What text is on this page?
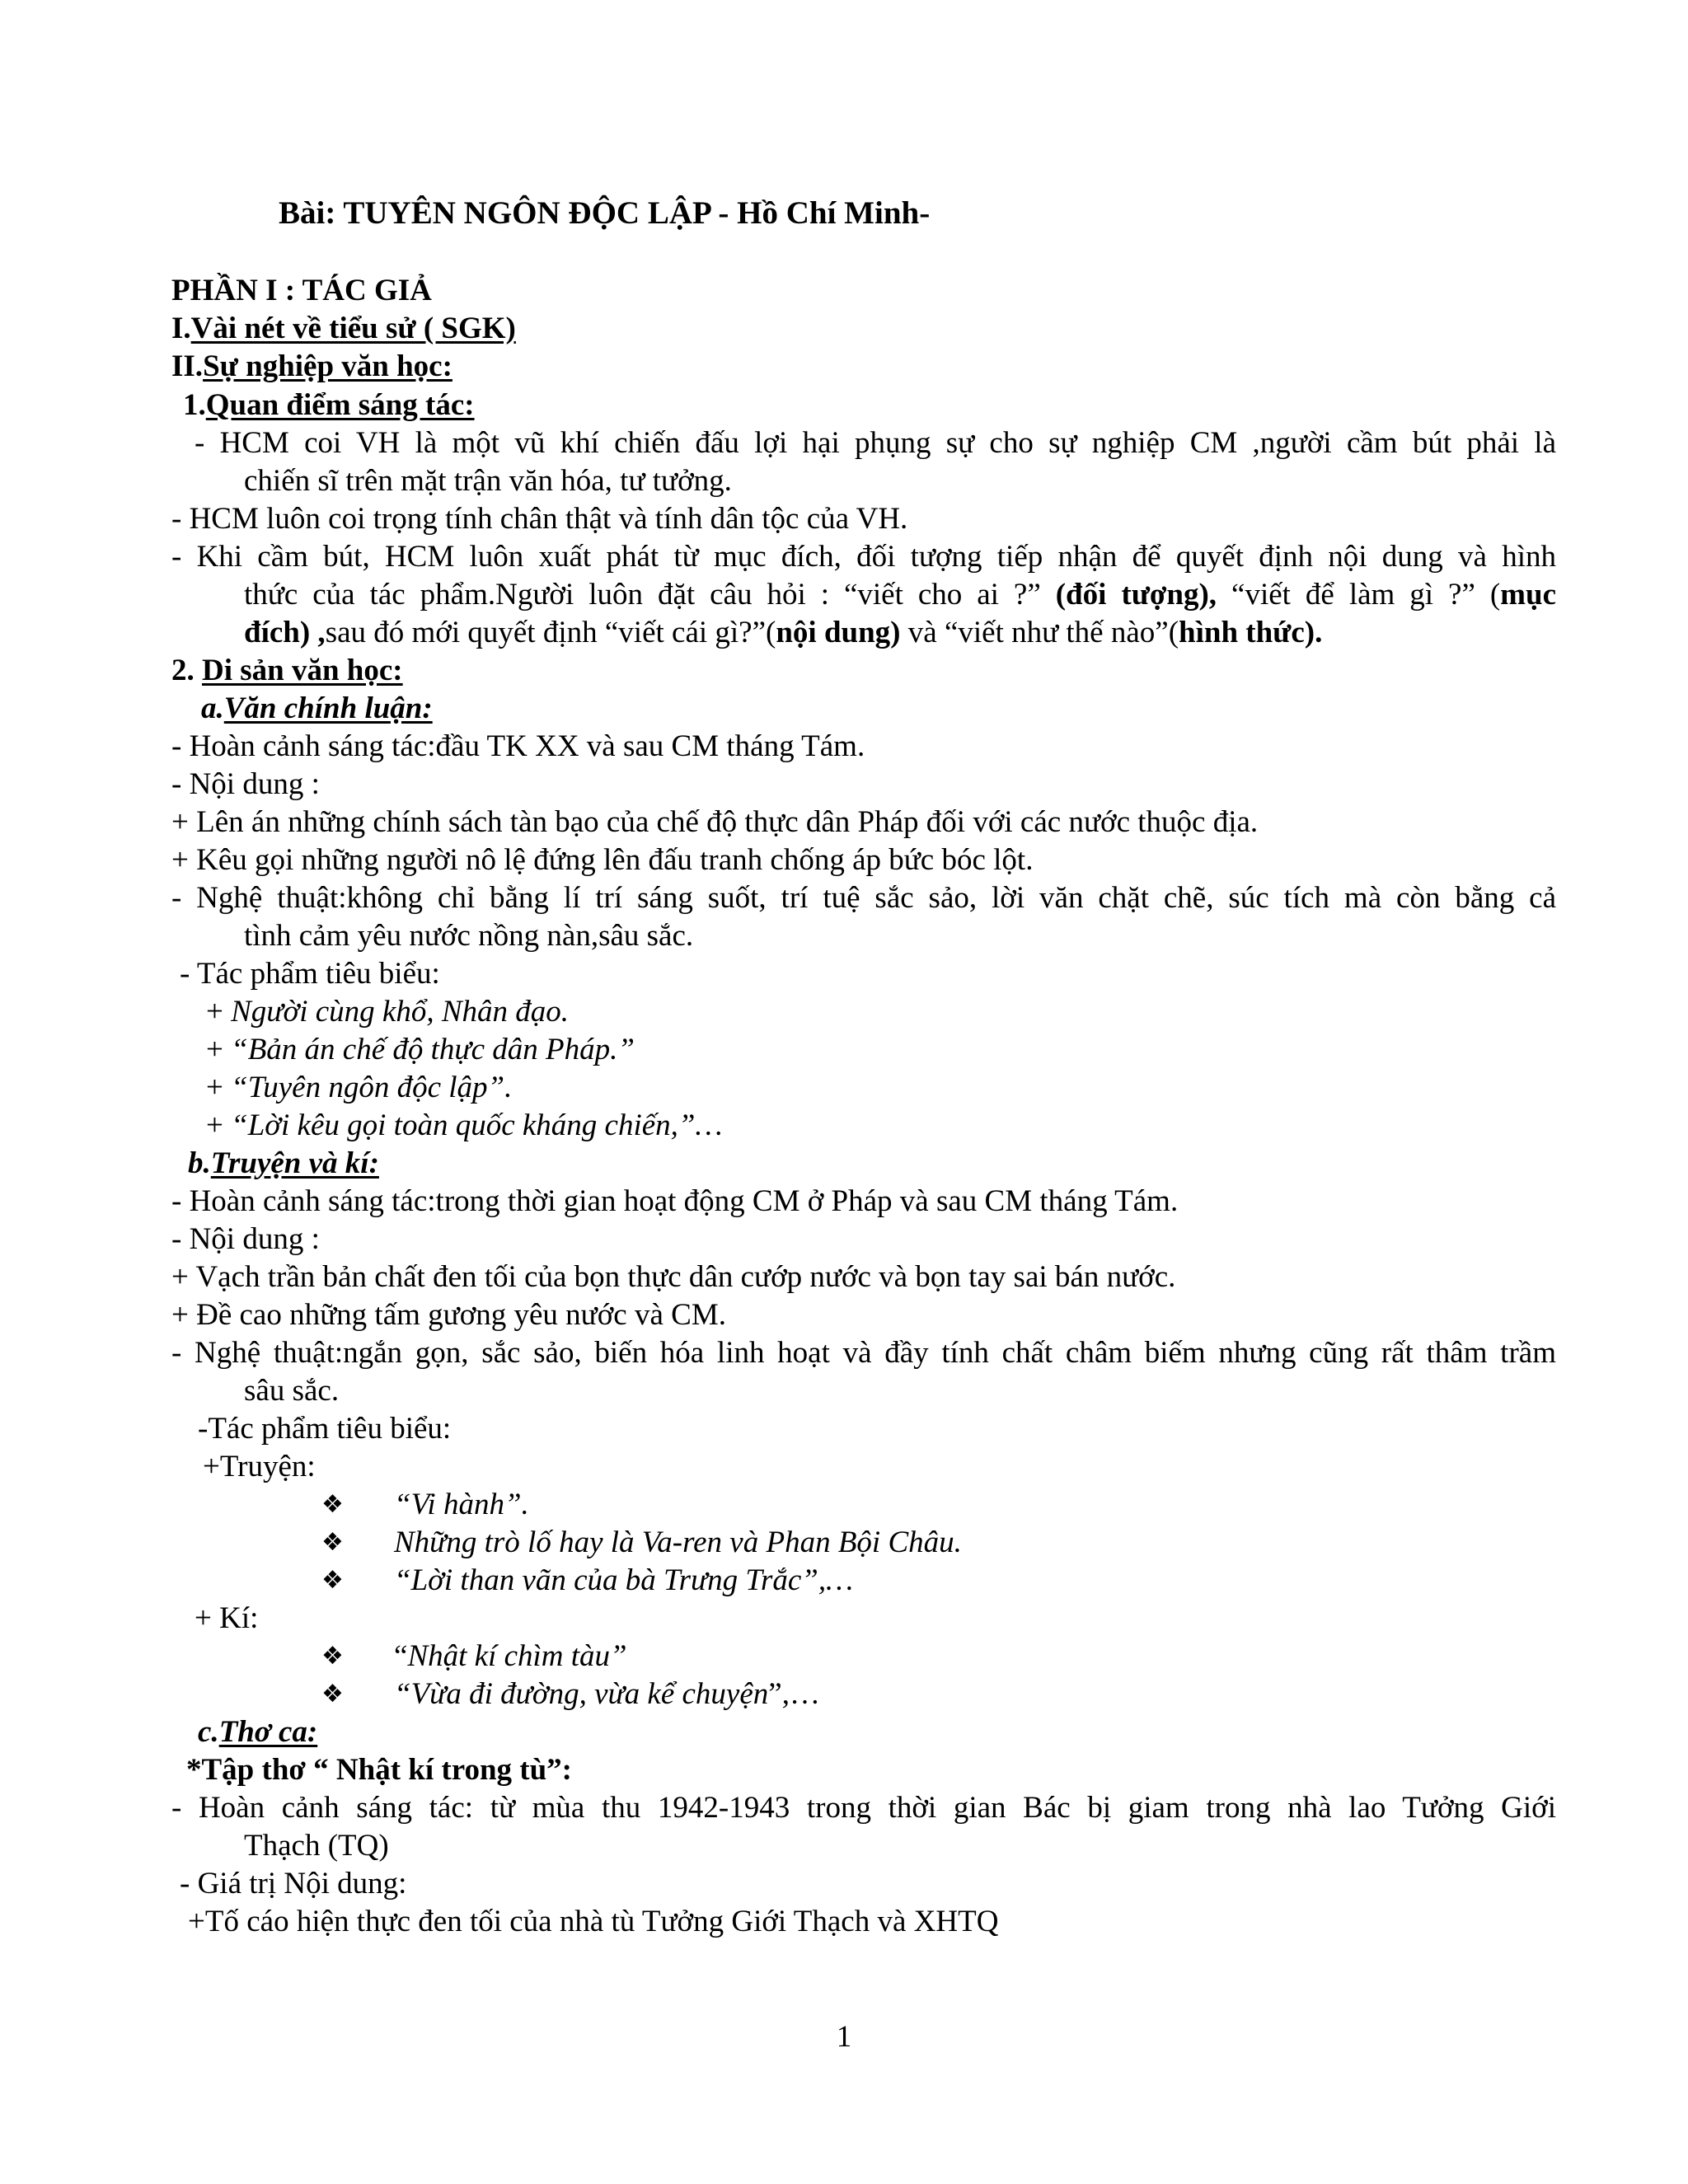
Bài: TUYÊN NGÔN ĐỘC LẬP - Hồ Chí Minh-
PHẦN I : TÁC GIẢ
I.Vài nét về tiểu sử ( SGK)
II.Sự nghiệp văn học:
1.Quan điểm sáng tác:
- HCM coi VH là một vũ khí chiến đấu lợi hại phụng sự cho sự nghiệp CM ,người cầm bút phải là
chiến sĩ trên mặt trận văn hóa, tư tưởng.
- HCM luôn coi trọng tính chân thật và tính dân tộc của VH.
- Khi cầm bút, HCM luôn xuất phát từ mục đích, đối tượng tiếp nhận để quyết định nội dung và hình
thức của tác phẩm.Người luôn đặt câu hỏi : “viết cho ai ?” (đối tượng), “viết để làm gì ?” (mục
đích) ,sau đó mới quyết định “viết cái gì?”(nội dung) và “viết như thế nào”(hình thức).
2. Di sản văn học:
a.Văn chính luận:
- Hoàn cảnh sáng tác:đầu TK XX và sau CM tháng Tám.
- Nội dung :
+ Lên án những chính sách tàn bạo của chế độ thực dân Pháp đối với các nước thuộc địa.
+ Kêu gọi những người nô lệ đứng lên đấu tranh chống áp bức bóc lột.
- Nghệ thuật:không chỉ bằng lí trí sáng suốt, trí tuệ sắc sảo, lời văn chặt chẽ, súc tích mà còn bằng cả
tình cảm yêu nước nồng nàn,sâu sắc.
- Tác phẩm tiêu biểu:
+ Người cùng khổ, Nhân đạo.
+ “Bản án chế độ thực dân Pháp.”
+ “Tuyên ngôn độc lập”.
+ “Lời kêu gọi toàn quốc kháng chiến,”…
b.Truyện và kí:
- Hoàn cảnh sáng tác:trong thời gian hoạt động CM ở Pháp và sau CM tháng Tám.
- Nội dung :
+ Vạch trần bản chất đen tối của bọn thực dân cướp nước và bọn tay sai bán nước.
+ Đề cao những tấm gương yêu nước và CM.
- Nghệ thuật:ngắn gọn, sắc sảo, biến hóa linh hoạt và đầy tính chất châm biếm nhưng cũng rất thâm trầm
sâu sắc.
-Tác phẩm tiêu biểu:
+Truyện:
❖ “Vi hành”.
❖ Những trò lố hay là Va-ren và Phan Bội Châu.
❖ “Lời than vãn của bà Trưng Trắc”,…
+ Kí:
❖ “Nhật kí chìm tàu”
❖ “Vừa đi đường, vừa kể chuyện”,…
c.Thơ ca:
*Tập thơ “ Nhật kí trong tù”:
- Hoàn cảnh sáng tác: từ mùa thu 1942-1943 trong thời gian Bác bị giam trong nhà lao Tưởng Giới
Thạch (TQ)
- Giá trị Nội dung:
+Tố cáo hiện thực đen tối của nhà tù Tưởng Giới Thạch và XHTQ
1
